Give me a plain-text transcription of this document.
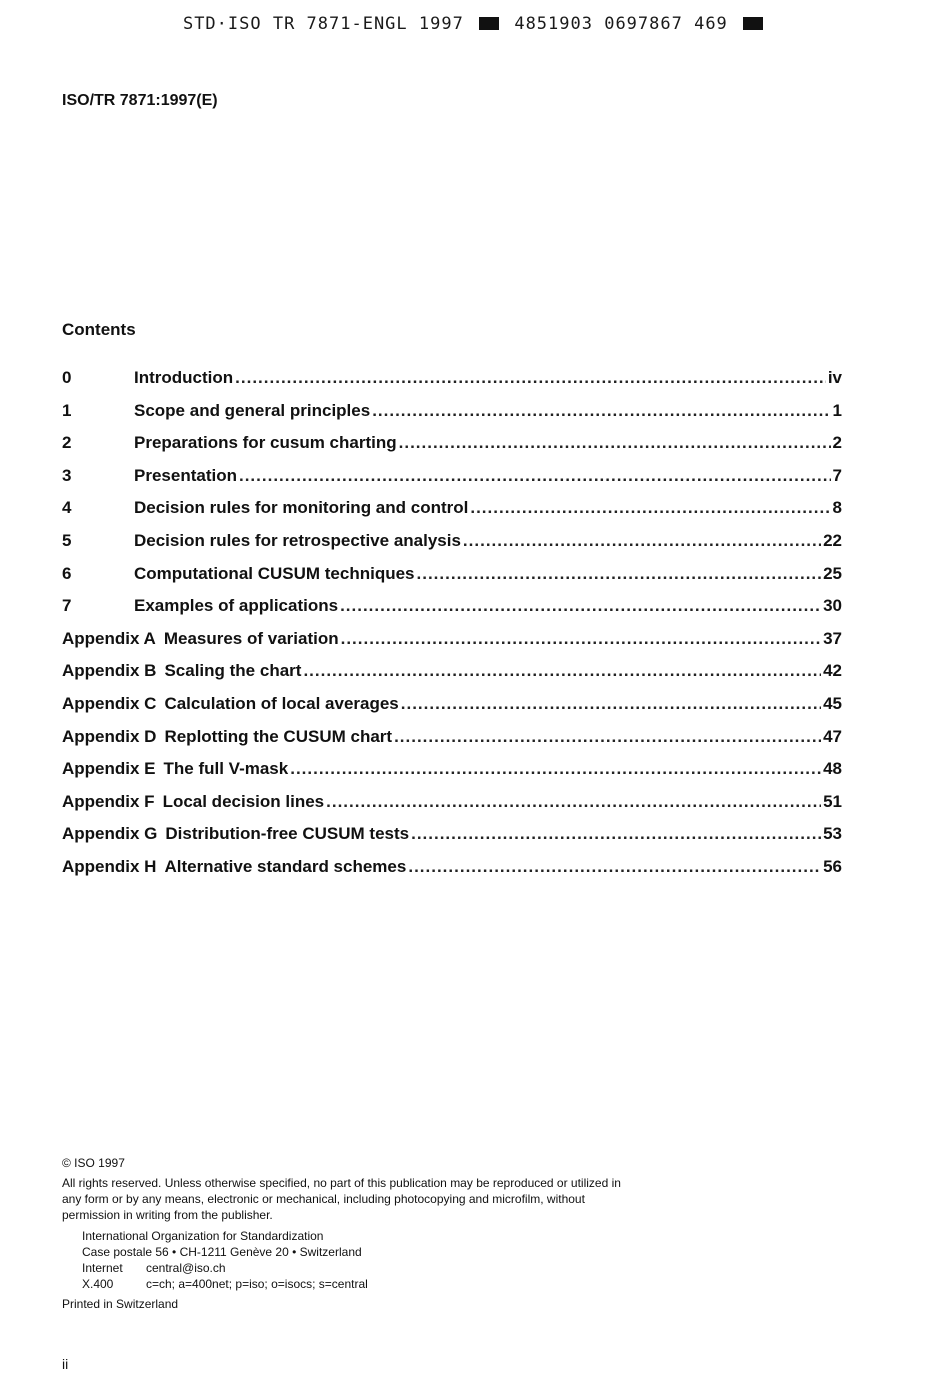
STD·ISO TR 7871-ENGL 1997	4851903 0697867 469
ISO/TR 7871:1997(E)
Contents
0	Introduction .....	iv
1	Scope and general principles .....	1
2	Preparations for cusum charting .....	2
3	Presentation .....	7
4	Decision rules for monitoring and control .....	8
5	Decision rules for retrospective analysis .....	22
6	Computational CUSUM techniques .....	25
7	Examples of applications .....	30
Appendix A Measures of variation .....	37
Appendix B Scaling the chart .....	42
Appendix C Calculation of local averages .....	45
Appendix D Replotting the CUSUM chart .....	47
Appendix E The full V-mask .....	48
Appendix F Local decision lines .....	51
Appendix G Distribution-free CUSUM tests .....	53
Appendix H Alternative standard schemes .....	56
© ISO 1997
All rights reserved. Unless otherwise specified, no part of this publication may be reproduced or utilized in any form or by any means, electronic or mechanical, including photocopying and microfilm, without permission in writing from the publisher.
International Organization for Standardization
Case postale 56 • CH-1211 Genève 20 • Switzerland
Internet	central@iso.ch
X.400	c=ch; a=400net; p=iso; o=isocs; s=central
Printed in Switzerland
ii
